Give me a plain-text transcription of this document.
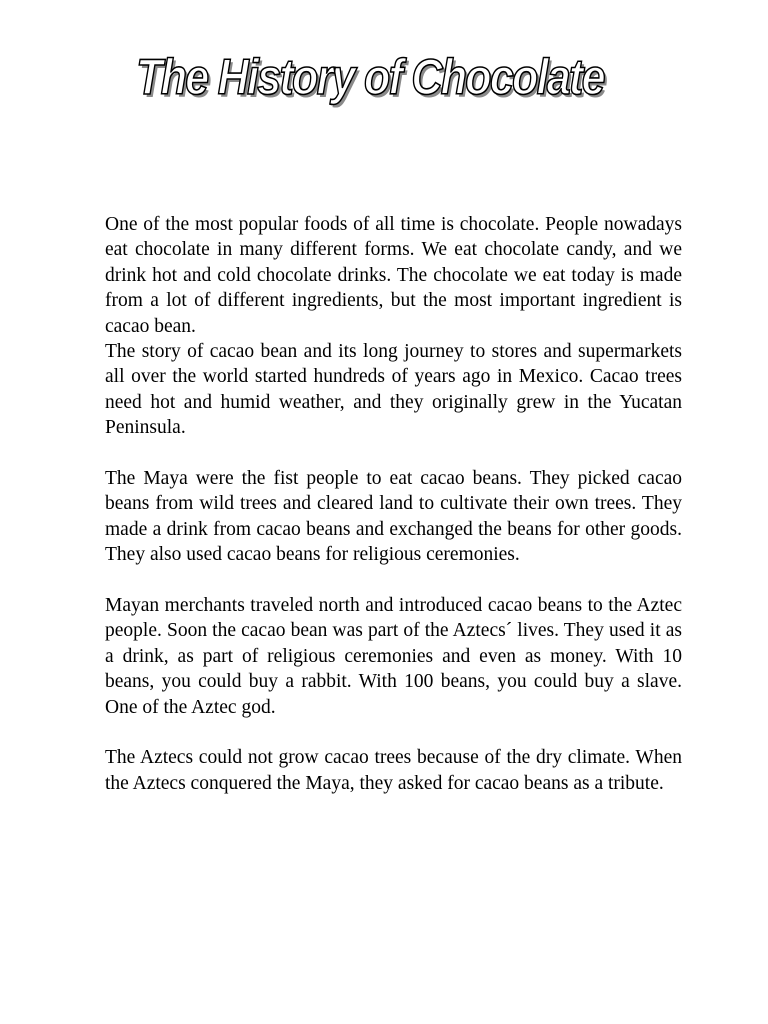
The History of Chocolate

One of the most popular foods of all time is chocolate. People nowadays eat chocolate in many different forms. We eat chocolate candy, and we drink hot and cold chocolate drinks. The chocolate we eat today is made from a lot of different ingredients, but the most important ingredient is cacao bean.

The story of cacao bean and its long journey to stores and supermarkets all over the world started hundreds of years ago in Mexico. Cacao trees need hot and humid weather, and they originally grew in the Yucatan Peninsula.

The Maya were the fist people to eat cacao beans. They picked cacao beans from wild trees and cleared land to cultivate their own trees. They made a drink from cacao beans and exchanged the beans for other goods. They also used cacao beans for religious ceremonies.

Mayan merchants traveled north and introduced cacao beans to the Aztec people. Soon the cacao bean was part of the Aztecs´ lives. They used it as a drink, as part of religious ceremonies and even as money. With 10 beans, you could buy a rabbit. With 100 beans, you could buy a slave. One of the Aztec god.

The Aztecs could not grow cacao trees because of the dry climate. When the Aztecs conquered the Maya, they asked for cacao beans as a tribute.
